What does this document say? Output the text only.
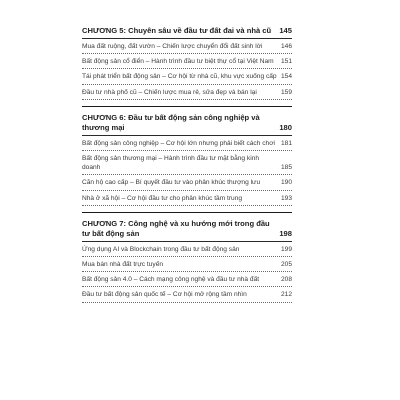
CHƯƠNG 5: Chuyên sâu về đầu tư đất đai và nhà cũ	145
Mua đất ruộng, đất vườn – Chiến lược chuyển đổi đất sinh lời	146
Bất động sản cổ điển – Hành trình đầu tư biệt thự cổ tại Việt Nam	151
Tái phát triển bất động sản – Cơ hội từ nhà cũ, khu vực xuống cấp 154
Đầu tư nhà phố cũ – Chiến lược mua rẻ, sửa đẹp và bán lại	159
CHƯƠNG 6: Đầu tư bất động sản công nghiệp và thương mại	180
Bất động sản công nghiệp – Cơ hội lớn nhưng phải biết cách chơi 181
Bất động sản thương mại – Hành trình đầu tư mặt bằng kinh doanh	185
Căn hộ cao cấp – Bí quyết đầu tư vào phân khúc thượng lưu	190
Nhà ở xã hội – Cơ hội đầu tư cho phân khúc tầm trung	193
CHƯƠNG 7: Công nghệ và xu hướng mới trong đầu tư bất động sản	198
Ứng dụng AI và Blockchain trong đầu tư bất động sản	199
Mua bán nhà đất trực tuyến	205
Bất động sản 4.0 – Cách mạng công nghệ và đầu tư nhà đất	208
Đầu tư bất động sản quốc tế – Cơ hội mở rộng tầm nhìn	212
